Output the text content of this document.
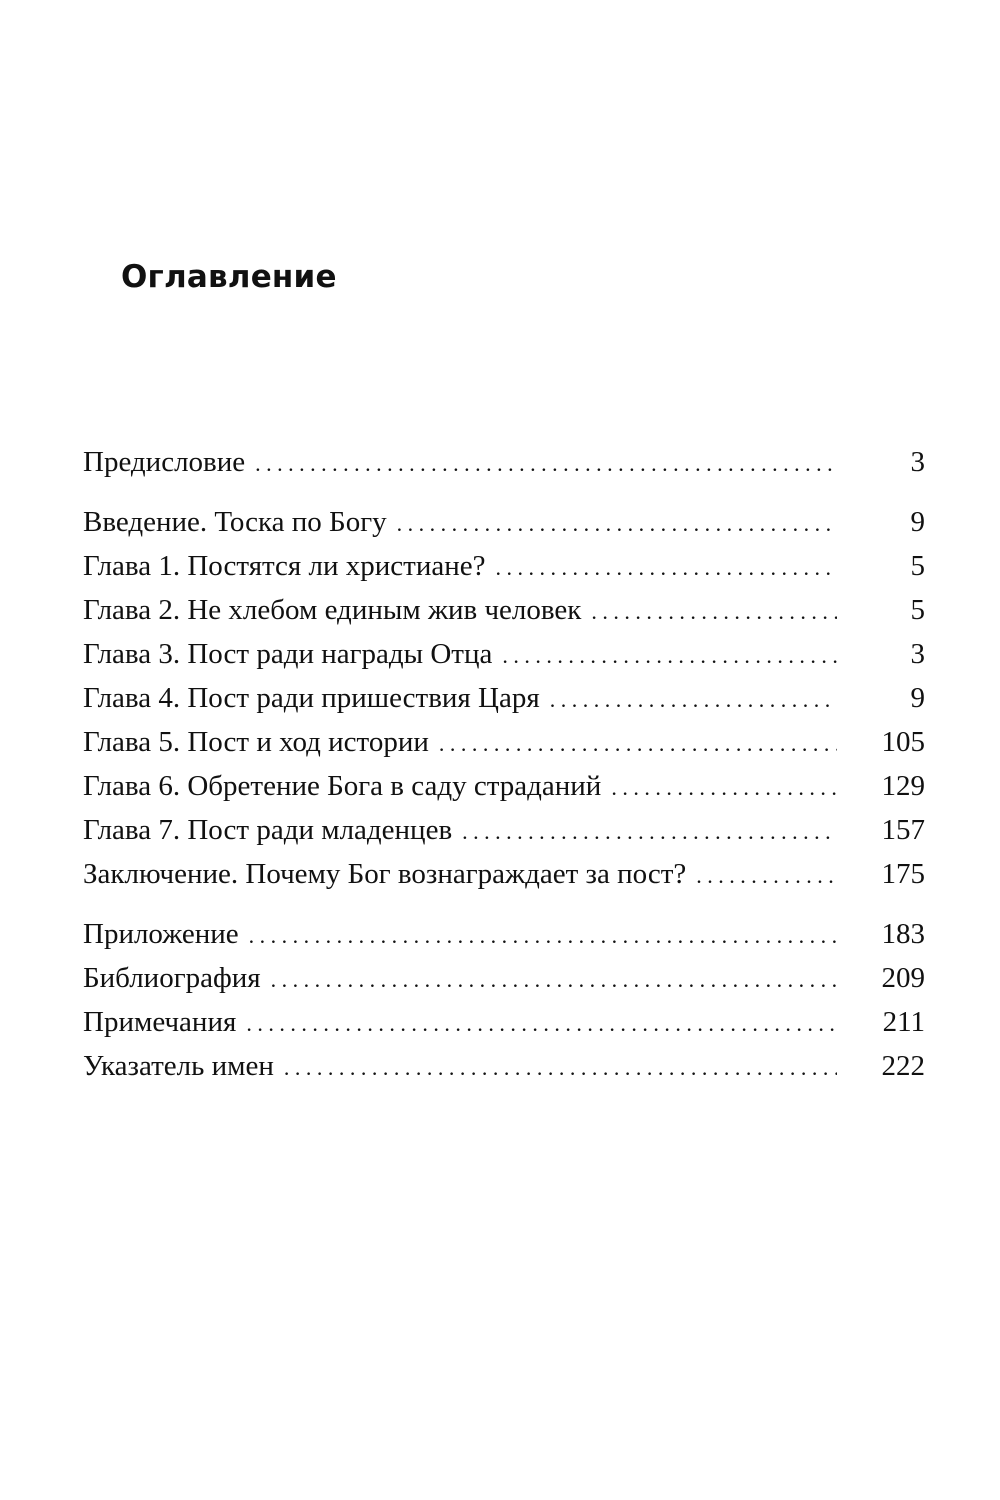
Оглавление
Предисловие . . .	3
Введение. Тоска по Богу . . .	9
Глава 1. Постятся ли христиане? . . .	5
Глава 2. Не хлебом единым жив человек . . .	5
Глава 3. Пост ради награды Отца . . .	3
Глава 4. Пост ради пришествия Царя . . .	9
Глава 5. Пост и ход истории . . .	105
Глава 6. Обретение Бога в саду страданий . . .	129
Глава 7. Пост ради младенцев . . .	157
Заключение. Почему Бог вознаграждает за пост? . . .	175
Приложение . . .	183
Библиография . . .	209
Примечания . . .	211
Указатель имен . . .	222
